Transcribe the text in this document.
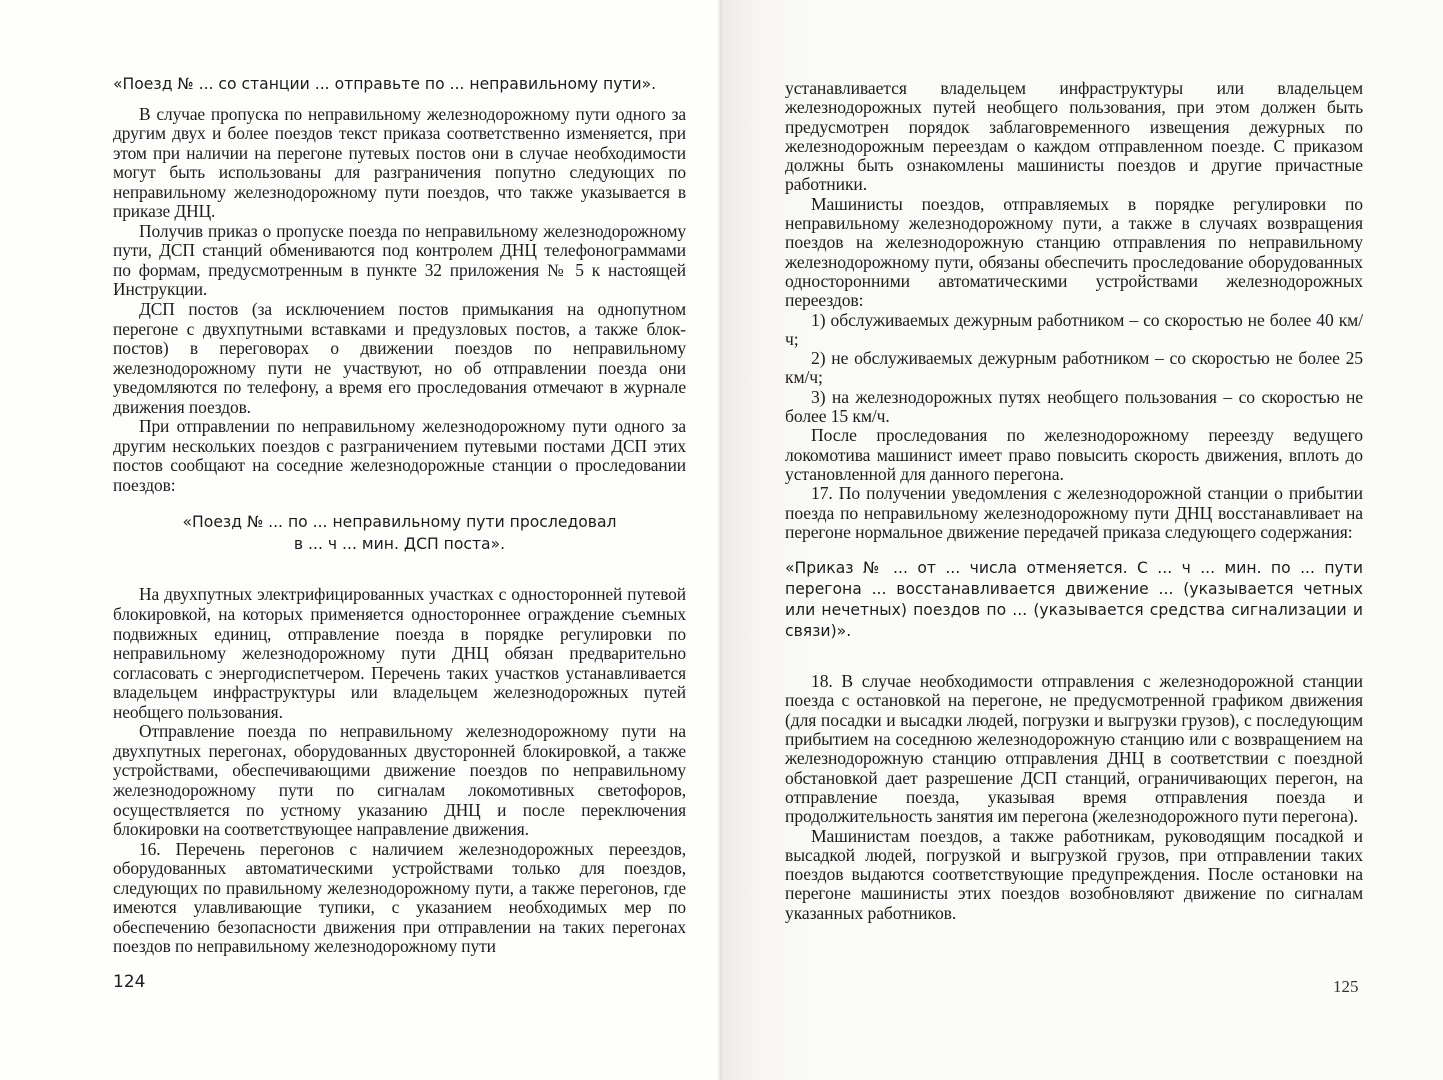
«Поезд № ... со станции ... отправьте по ... неправильному пути».

В случае пропуска по неправильному железнодорожному пути одного за другим двух и более поездов текст приказа соответственно изменяется, при этом при наличии на перегоне путевых постов они в случае необходимости могут быть использованы для разграничения попутно следующих по неправильному железнодорожному пути поездов, что также указывается в приказе ДНЦ.

Получив приказ о пропуске поезда по неправильному железнодорожному пути, ДСП станций обмениваются под контролем ДНЦ телефонограммами по формам, предусмотренным в пункте 32 приложения № 5 к настоящей Инструкции.

ДСП постов (за исключением постов примыкания на однопутном перегоне с двухпутными вставками и предузловых постов, а также блок-постов) в переговорах о движении поездов по неправильному железнодорожному пути не участвуют, но об отправлении поезда они уведомляются по телефону, а время его проследования отмечают в журнале движения поездов.

При отправлении по неправильному железнодорожному пути одного за другим нескольких поездов с разграничением путевыми постами ДСП этих постов сообщают на соседние железнодорожные станции о проследовании поездов:

«Поезд № ... по ... неправильному пути проследовал
в ... ч ... мин. ДСП поста».

На двухпутных электрифицированных участках с односторонней путевой блокировкой, на которых применяется одностороннее ограждение съемных подвижных единиц, отправление поезда в порядке регулировки по неправильному железнодорожному пути ДНЦ обязан предварительно согласовать с энергодиспетчером. Перечень таких участков устанавливается владельцем инфраструктуры или владельцем железнодорожных путей необщего пользования.

Отправление поезда по неправильному железнодорожному пути на двухпутных перегонах, оборудованных двусторонней блокировкой, а также устройствами, обеспечивающими движение поездов по неправильному железнодорожному пути по сигналам локомотивных светофоров, осуществляется по устному указанию ДНЦ и после переключения блокировки на соответствующее направление движения.

16. Перечень перегонов с наличием железнодорожных переездов, оборудованных автоматическими устройствами только для поездов, следующих по правильному железнодорожному пути, а также перегонов, где имеются улавливающие тупики, с указанием необходимых мер по обеспечению безопасности движения при отправлении на таких перегонах поездов по неправильному железнодорожному пути

124

устанавливается владельцем инфраструктуры или владельцем железнодорожных путей необщего пользования, при этом должен быть предусмотрен порядок заблаговременного извещения дежурных по железнодорожным переездам о каждом отправленном поезде. С приказом должны быть ознакомлены машинисты поездов и другие причастные работники.

Машинисты поездов, отправляемых в порядке регулировки по неправильному железнодорожному пути, а также в случаях возвращения поездов на железнодорожную станцию отправления по неправильному железнодорожному пути, обязаны обеспечить проследование оборудованных односторонними автоматическими устройствами железнодорожных переездов:

1) обслуживаемых дежурным работником – со скоростью не более 40 км/ч;

2) не обслуживаемых дежурным работником – со скоростью не более 25 км/ч;

3) на железнодорожных путях необщего пользования – со скоростью не более 15 км/ч.

После проследования по железнодорожному переезду ведущего локомотива машинист имеет право повысить скорость движения, вплоть до установленной для данного перегона.

17. По получении уведомления с железнодорожной станции о прибытии поезда по неправильному железнодорожному пути ДНЦ восстанавливает на перегоне нормальное движение передачей приказа следующего содержания:

«Приказ № ... от ... числа отменяется. С ... ч ... мин. по ... пути перегона ... восстанавливается движение ... (указывается четных или нечетных) поездов по ... (указывается средства сигнализации и связи)».

18. В случае необходимости отправления с железнодорожной станции поезда с остановкой на перегоне, не предусмотренной графиком движения (для посадки и высадки людей, погрузки и выгрузки грузов), с последующим прибытием на соседнюю железнодорожную станцию или с возвращением на железнодорожную станцию отправления ДНЦ в соответствии с поездной обстановкой дает разрешение ДСП станций, ограничивающих перегон, на отправление поезда, указывая время отправления поезда и продолжительность занятия им перегона (железнодорожного пути перегона).

Машинистам поездов, а также работникам, руководящим посадкой и высадкой людей, погрузкой и выгрузкой грузов, при отправлении таких поездов выдаются соответствующие предупреждения. После остановки на перегоне машинисты этих поездов возобновляют движение по сигналам указанных работников.

125
